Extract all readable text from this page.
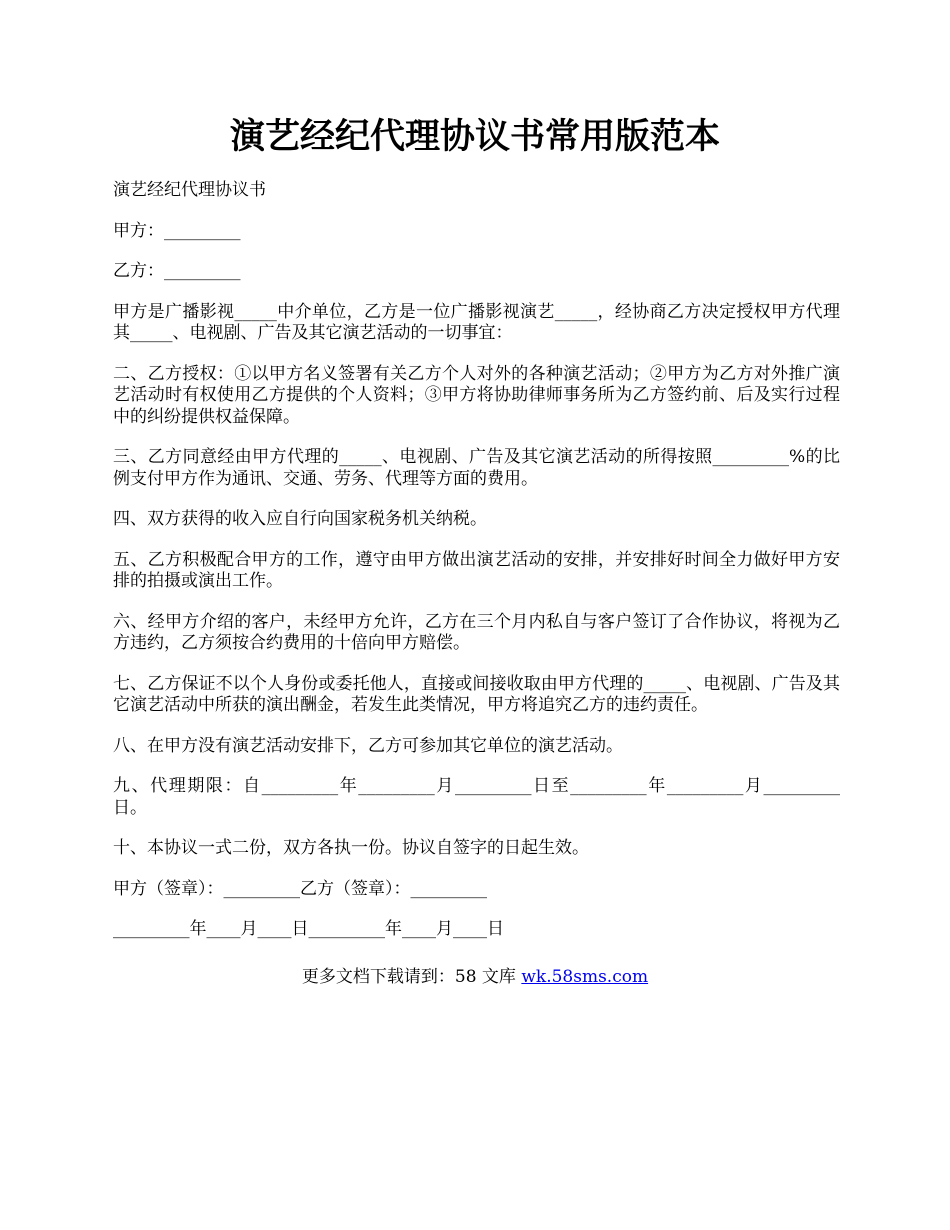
演艺经纪代理协议书常用版范本

演艺经纪代理协议书

甲方：_________

乙方：_________

甲方是广播影视_____中介单位，乙方是一位广播影视演艺_____，经协商乙方决定授权甲方代理其_____、电视剧、广告及其它演艺活动的一切事宜：

二、乙方授权：①以甲方名义签署有关乙方个人对外的各种演艺活动；②甲方为乙方对外推广演艺活动时有权使用乙方提供的个人资料；③甲方将协助律师事务所为乙方签约前、后及实行过程中的纠纷提供权益保障。

三、乙方同意经由甲方代理的_____、电视剧、广告及其它演艺活动的所得按照_________%的比例支付甲方作为通讯、交通、劳务、代理等方面的费用。

四、双方获得的收入应自行向国家税务机关纳税。

五、乙方积极配合甲方的工作，遵守由甲方做出演艺活动的安排，并安排好时间全力做好甲方安排的拍摄或演出工作。

六、经甲方介绍的客户，未经甲方允许，乙方在三个月内私自与客户签订了合作协议，将视为乙方违约，乙方须按合约费用的十倍向甲方赔偿。

七、乙方保证不以个人身份或委托他人，直接或间接收取由甲方代理的_____、电视剧、广告及其它演艺活动中所获的演出酬金，若发生此类情况，甲方将追究乙方的违约责任。

八、在甲方没有演艺活动安排下，乙方可参加其它单位的演艺活动。

九、代理期限：自_________年_________月_________日至_________年_________月_________日。

十、本协议一式二份，双方各执一份。协议自签字的日起生效。

甲方（签章）：_________乙方（签章）：_________

_________年____月____日_________年____月____日

更多文档下载请到：58 文库 wk.58sms.com
